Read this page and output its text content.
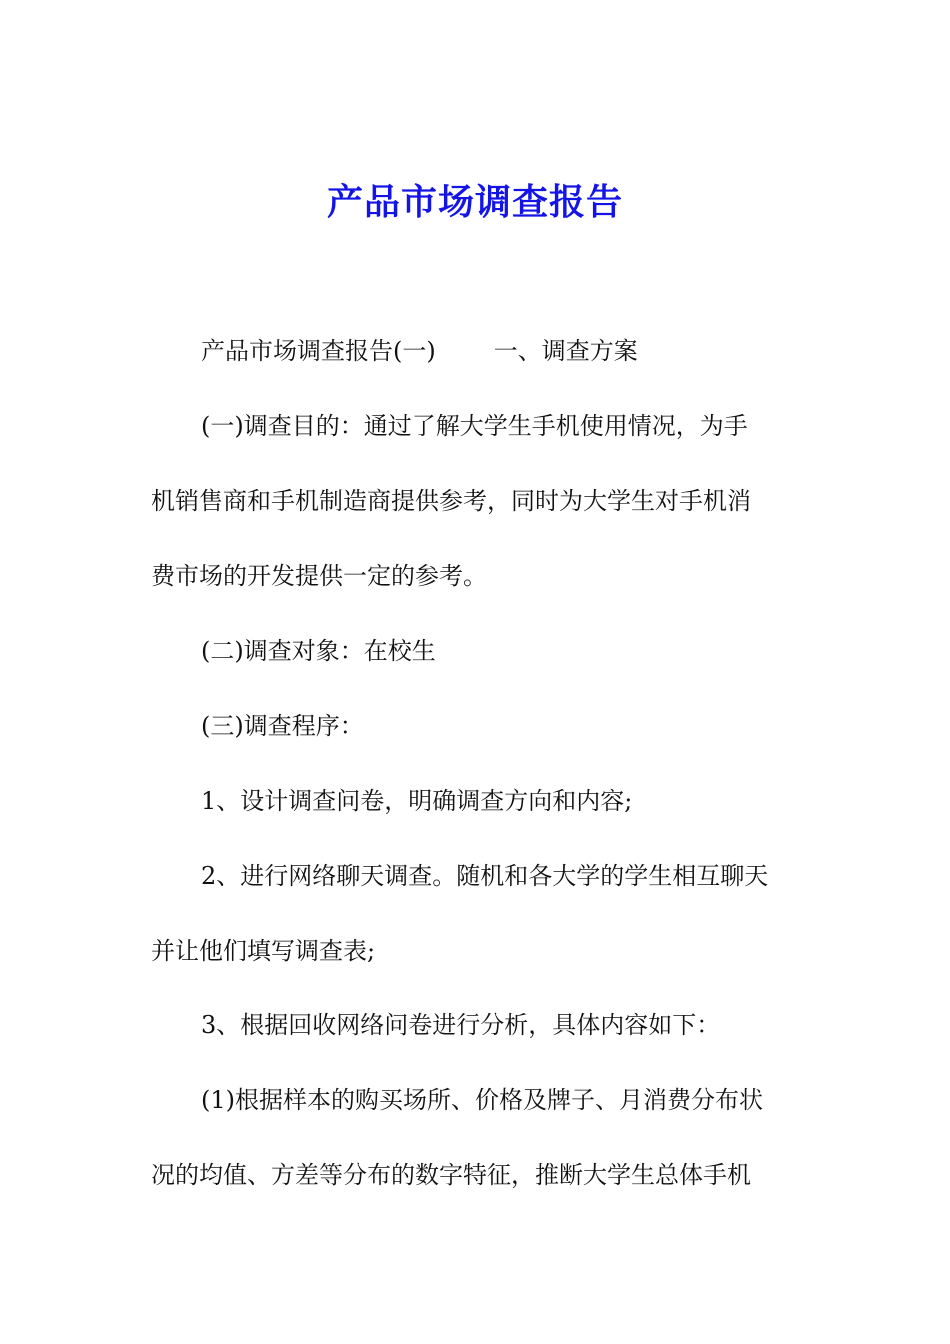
产品市场调查报告
产品市场调查报告(一) 一、调查方案
(一)调查目的：通过了解大学生手机使用情况，为手
机销售商和手机制造商提供参考，同时为大学生对手机消
费市场的开发提供一定的参考。
(二)调查对象：在校生
(三)调查程序：
1、设计调查问卷，明确调查方向和内容;
2、进行网络聊天调查。随机和各大学的学生相互聊天
并让他们填写调查表;
3、根据回收网络问卷进行分析，具体内容如下：
(1)根据样本的购买场所、价格及牌子、月消费分布状
况的均值、方差等分布的数字特征，推断大学生总体手机
